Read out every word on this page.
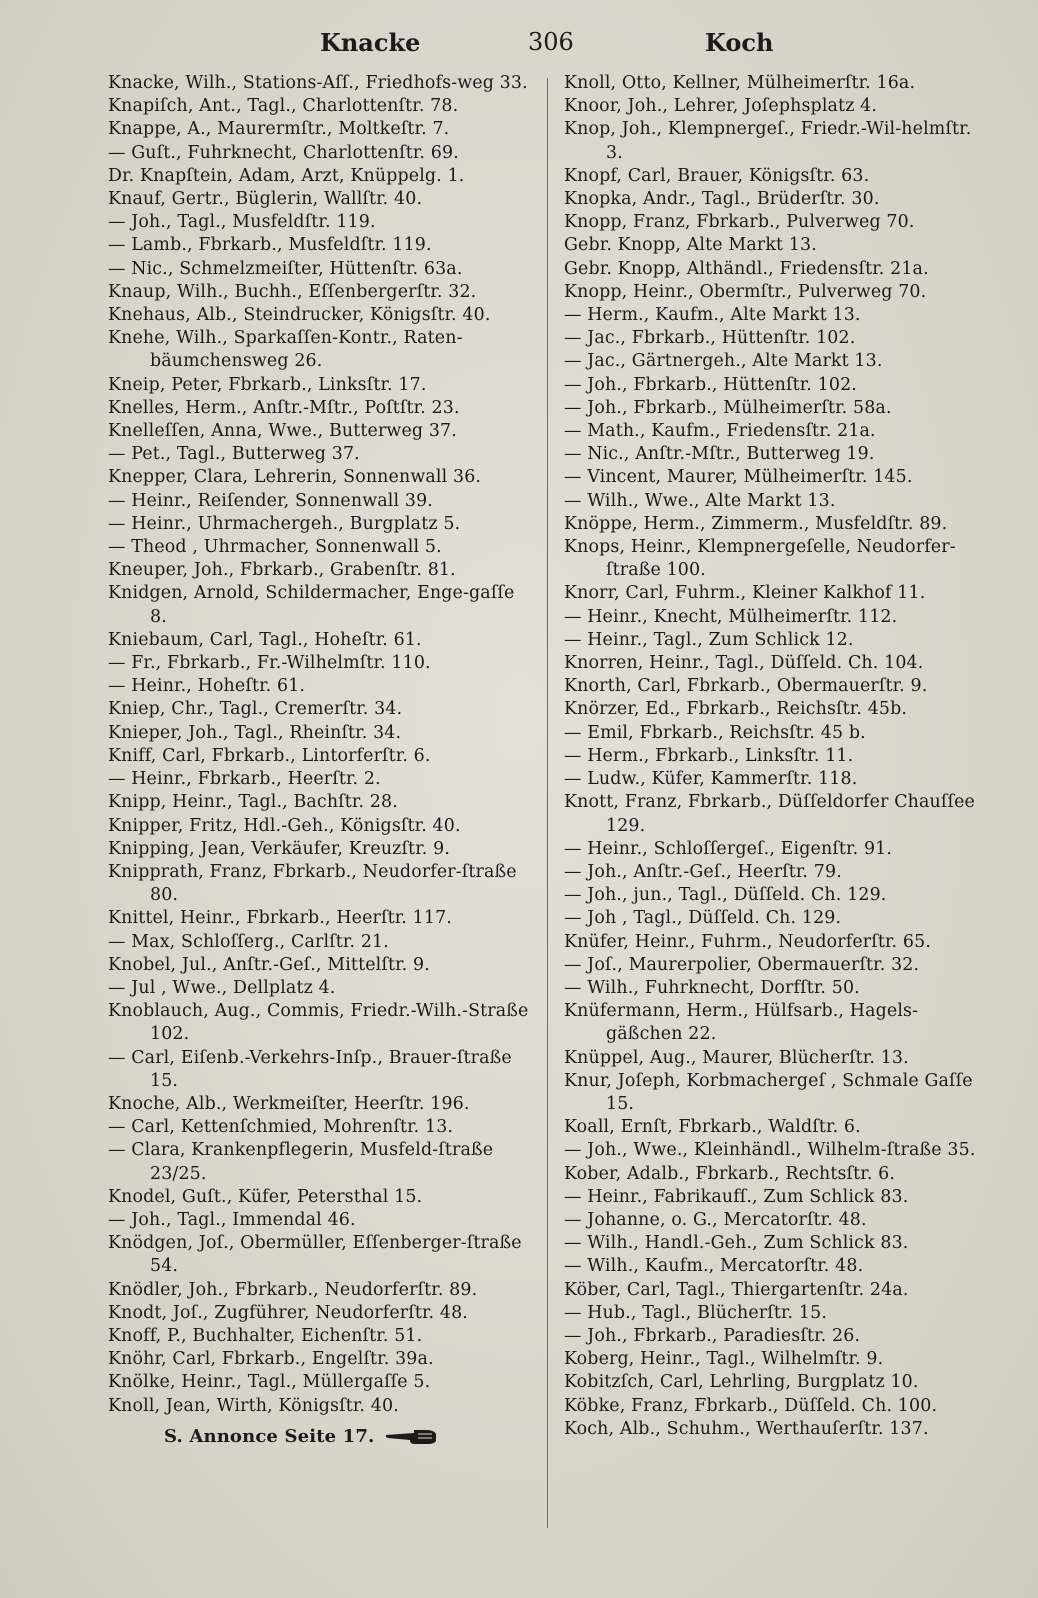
Knacke	306	Koch

Knacke, Wilh., Stations-Aſſ., Friedhofs-weg 33.

Knapiſch, Ant., Tagl., Charlottenſtr. 78.

Knappe, A., Maurermſtr., Moltkeſtr. 7.

— Guſt., Fuhrknecht, Charlottenſtr. 69.

Dr. Knapſtein, Adam, Arzt, Knüppelg. 1.

Knauf, Gertr., Büglerin, Wallſtr. 40.

— Joh., Tagl., Musfeldſtr. 119.

— Lamb., Fbrkarb., Musfeldſtr. 119.

— Nic., Schmelzmeiſter, Hüttenſtr. 63a.

Knaup, Wilh., Buchh., Eſſenbergerſtr. 32.

Knehaus, Alb., Steindrucker, Königsſtr. 40.

Knehe, Wilh., Sparkaſſen-Kontr., Raten-bäumchensweg 26.

Kneip, Peter, Fbrkarb., Linksſtr. 17.

Knelles, Herm., Anſtr.-Mſtr., Poſtſtr. 23.

Knelleſſen, Anna, Wwe., Butterweg 37.

— Pet., Tagl., Butterweg 37.

Knepper, Clara, Lehrerin, Sonnenwall 36.

— Heinr., Reiſender, Sonnenwall 39.

— Heinr., Uhrmachergeh., Burgplatz 5.

— Theod , Uhrmacher, Sonnenwall 5.

Kneuper, Joh., Fbrkarb., Grabenſtr. 81.

Knidgen, Arnold, Schildermacher, Enge-gaſſe 8.

Kniebaum, Carl, Tagl., Hoheſtr. 61.

— Fr., Fbrkarb., Fr.-Wilhelmſtr. 110.

— Heinr., Hoheſtr. 61.

Kniep, Chr., Tagl., Cremerſtr. 34.

Knieper, Joh., Tagl., Rheinſtr. 34.

Kniff, Carl, Fbrkarb., Lintorferſtr. 6.

— Heinr., Fbrkarb., Heerſtr. 2.

Knipp, Heinr., Tagl., Bachſtr. 28.

Knipper, Fritz, Hdl.-Geh., Königsſtr. 40.

Knipping, Jean, Verkäufer, Kreuzſtr. 9.

Knipprath, Franz, Fbrkarb., Neudorfer-ſtraße 80.

Knittel, Heinr., Fbrkarb., Heerſtr. 117.

— Max, Schloſſerg., Carlſtr. 21.

Knobel, Jul., Anſtr.-Geſ., Mittelſtr. 9.

— Jul , Wwe., Dellplatz 4.

Knoblauch, Aug., Commis, Friedr.-Wilh.-Straße 102.

— Carl, Eiſenb.-Verkehrs-Inſp., Brauer-ſtraße 15.

Knoche, Alb., Werkmeiſter, Heerſtr. 196.

— Carl, Kettenſchmied, Mohrenſtr. 13.

— Clara, Krankenpflegerin, Musfeld-ſtraße 23/25.

Knodel, Guſt., Küfer, Petersthal 15.

— Joh., Tagl., Immendal 46.

Knödgen, Joſ., Obermüller, Eſſenberger-ſtraße 54.

Knödler, Joh., Fbrkarb., Neudorferſtr. 89.

Knodt, Joſ., Zugführer, Neudorferſtr. 48.

Knoff, P., Buchhalter, Eichenſtr. 51.

Knöhr, Carl, Fbrkarb., Engelſtr. 39a.

Knölke, Heinr., Tagl., Müllergaſſe 5.

Knoll, Jean, Wirth, Königsſtr. 40.

S. Annonce Seite 17.

Knoll, Otto, Kellner, Mülheimerſtr. 16a.

Knoor, Joh., Lehrer, Joſephsplatz 4.

Knop, Joh., Klempnergeſ., Friedr.-Wil-helmſtr. 3.

Knopf, Carl, Brauer, Königsſtr. 63.

Knopka, Andr., Tagl., Brüderſtr. 30.

Knopp, Franz, Fbrkarb., Pulverweg 70.

Gebr. Knopp, Alte Markt 13.

Gebr. Knopp, Althändl., Friedensſtr. 21a.

Knopp, Heinr., Obermſtr., Pulverweg 70.

— Herm., Kaufm., Alte Markt 13.

— Jac., Fbrkarb., Hüttenſtr. 102.

— Jac., Gärtnergeh., Alte Markt 13.

— Joh., Fbrkarb., Hüttenſtr. 102.

— Joh., Fbrkarb., Mülheimerſtr. 58a.

— Math., Kaufm., Friedensſtr. 21a.

— Nic., Anſtr.-Mſtr., Butterweg 19.

— Vincent, Maurer, Mülheimerſtr. 145.

— Wilh., Wwe., Alte Markt 13.

Knöppe, Herm., Zimmerm., Musfeldſtr. 89.

Knops, Heinr., Klempnergeſelle, Neudorfer-ſtraße 100.

Knorr, Carl, Fuhrm., Kleiner Kalkhof 11.

— Heinr., Knecht, Mülheimerſtr. 112.

— Heinr., Tagl., Zum Schlick 12.

Knorren, Heinr., Tagl., Düſſeld. Ch. 104.

Knorth, Carl, Fbrkarb., Obermauerſtr. 9.

Knörzer, Ed., Fbrkarb., Reichsſtr. 45b.

— Emil, Fbrkarb., Reichsſtr. 45 b.

— Herm., Fbrkarb., Linksſtr. 11.

— Ludw., Küfer, Kammerſtr. 118.

Knott, Franz, Fbrkarb., Düſſeldorfer Chauſſee 129.

— Heinr., Schloſſergeſ., Eigenſtr. 91.

— Joh., Anſtr.-Geſ., Heerſtr. 79.

— Joh., jun., Tagl., Düſſeld. Ch. 129.

— Joh , Tagl., Düſſeld. Ch. 129.

Knüfer, Heinr., Fuhrm., Neudorferſtr. 65.

— Joſ., Maurerpolier, Obermauerſtr. 32.

— Wilh., Fuhrknecht, Dorfſtr. 50.

Knüfermann, Herm., Hülfsarb., Hagels-gäßchen 22.

Knüppel, Aug., Maurer, Blücherſtr. 13.

Knur, Joſeph, Korbmachergeſ , Schmale Gaſſe 15.

Koall, Ernſt, Fbrkarb., Waldſtr. 6.

— Joh., Wwe., Kleinhändl., Wilhelm-ſtraße 35.

Kober, Adalb., Fbrkarb., Rechtsſtr. 6.

— Heinr., Fabrikaufſ., Zum Schlick 83.

— Johanne, o. G., Mercatorſtr. 48.

— Wilh., Handl.-Geh., Zum Schlick 83.

— Wilh., Kaufm., Mercatorſtr. 48.

Köber, Carl, Tagl., Thiergartenſtr. 24a.

— Hub., Tagl., Blücherſtr. 15.

— Joh., Fbrkarb., Paradiesſtr. 26.

Koberg, Heinr., Tagl., Wilhelmſtr. 9.

Kobitzſch, Carl, Lehrling, Burgplatz 10.

Köbke, Franz, Fbrkarb., Düſſeld. Ch. 100.

Koch, Alb., Schuhm., Werthauſerſtr. 137.
